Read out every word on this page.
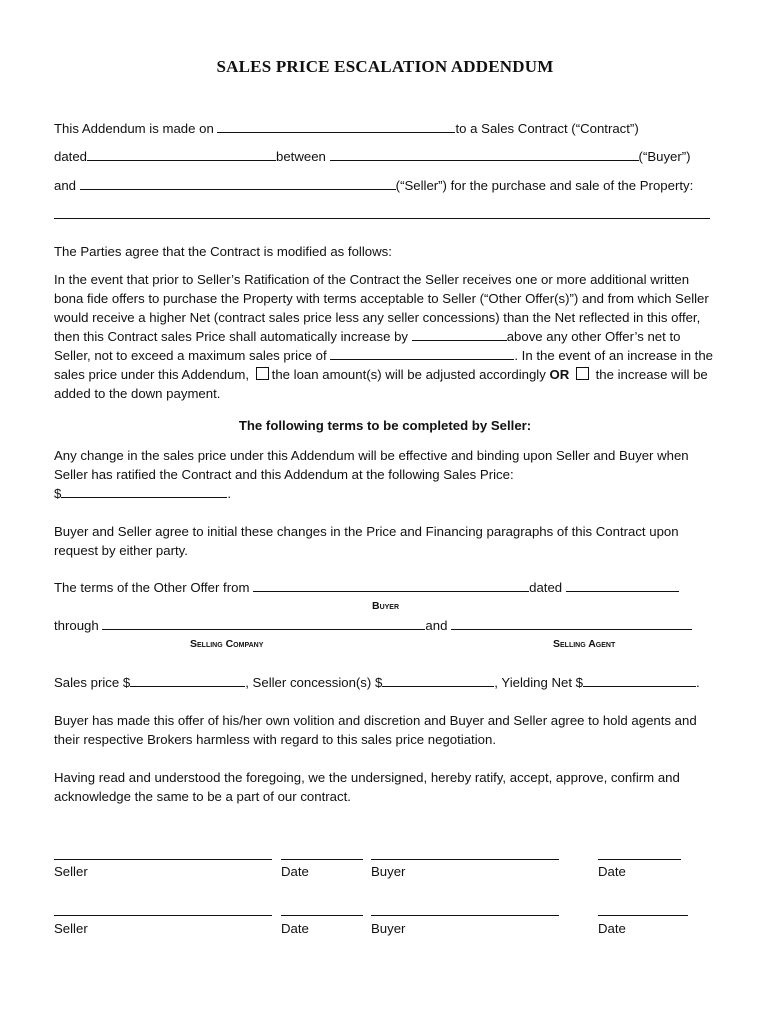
SALES PRICE ESCALATION ADDENDUM
This Addendum is made on	to a Sales Contract (“Contract”)
dated	between	(“Buyer”)
and	(“Seller”) for the purchase and sale of the Property:
The Parties agree that the Contract is modified as follows:
In the event that prior to Seller’s Ratification of the Contract the Seller receives one or more additional written bona fide offers to purchase the Property with terms acceptable to Seller (“Other Offer(s)”) and from which Seller would receive a higher Net (contract sales price less any seller concessions) than the Net reflected in this offer, then this Contract sales Price shall automatically increase by	above any other Offer’s net to Seller, not to exceed a maximum sales price of	. In the event of an increase in the sales price under this Addendum, the loan amount(s) will be adjusted accordingly OR  the increase will be added to the down payment.
The following terms to be completed by Seller:
Any change in the sales price under this Addendum will be effective and binding upon Seller and Buyer when Seller has ratified the Contract and this Addendum at the following Sales Price:
$	.
Buyer and Seller agree to initial these changes in the Price and Financing paragraphs of this Contract upon request by either party.
The terms of the Other Offer from	dated
Buyer
through	and
Selling Company	Selling Agent
Sales price $	, Seller concession(s) $	, Yielding Net $	.
Buyer has made this offer of his/her own volition and discretion and Buyer and Seller agree to hold agents and their respective Brokers harmless with regard to this sales price negotiation.
Having read and understood the foregoing, we the undersigned, hereby ratify, accept, approve, confirm and acknowledge the same to be a part of our contract.
Seller	Date	Buyer	Date
Seller	Date	Buyer	Date
